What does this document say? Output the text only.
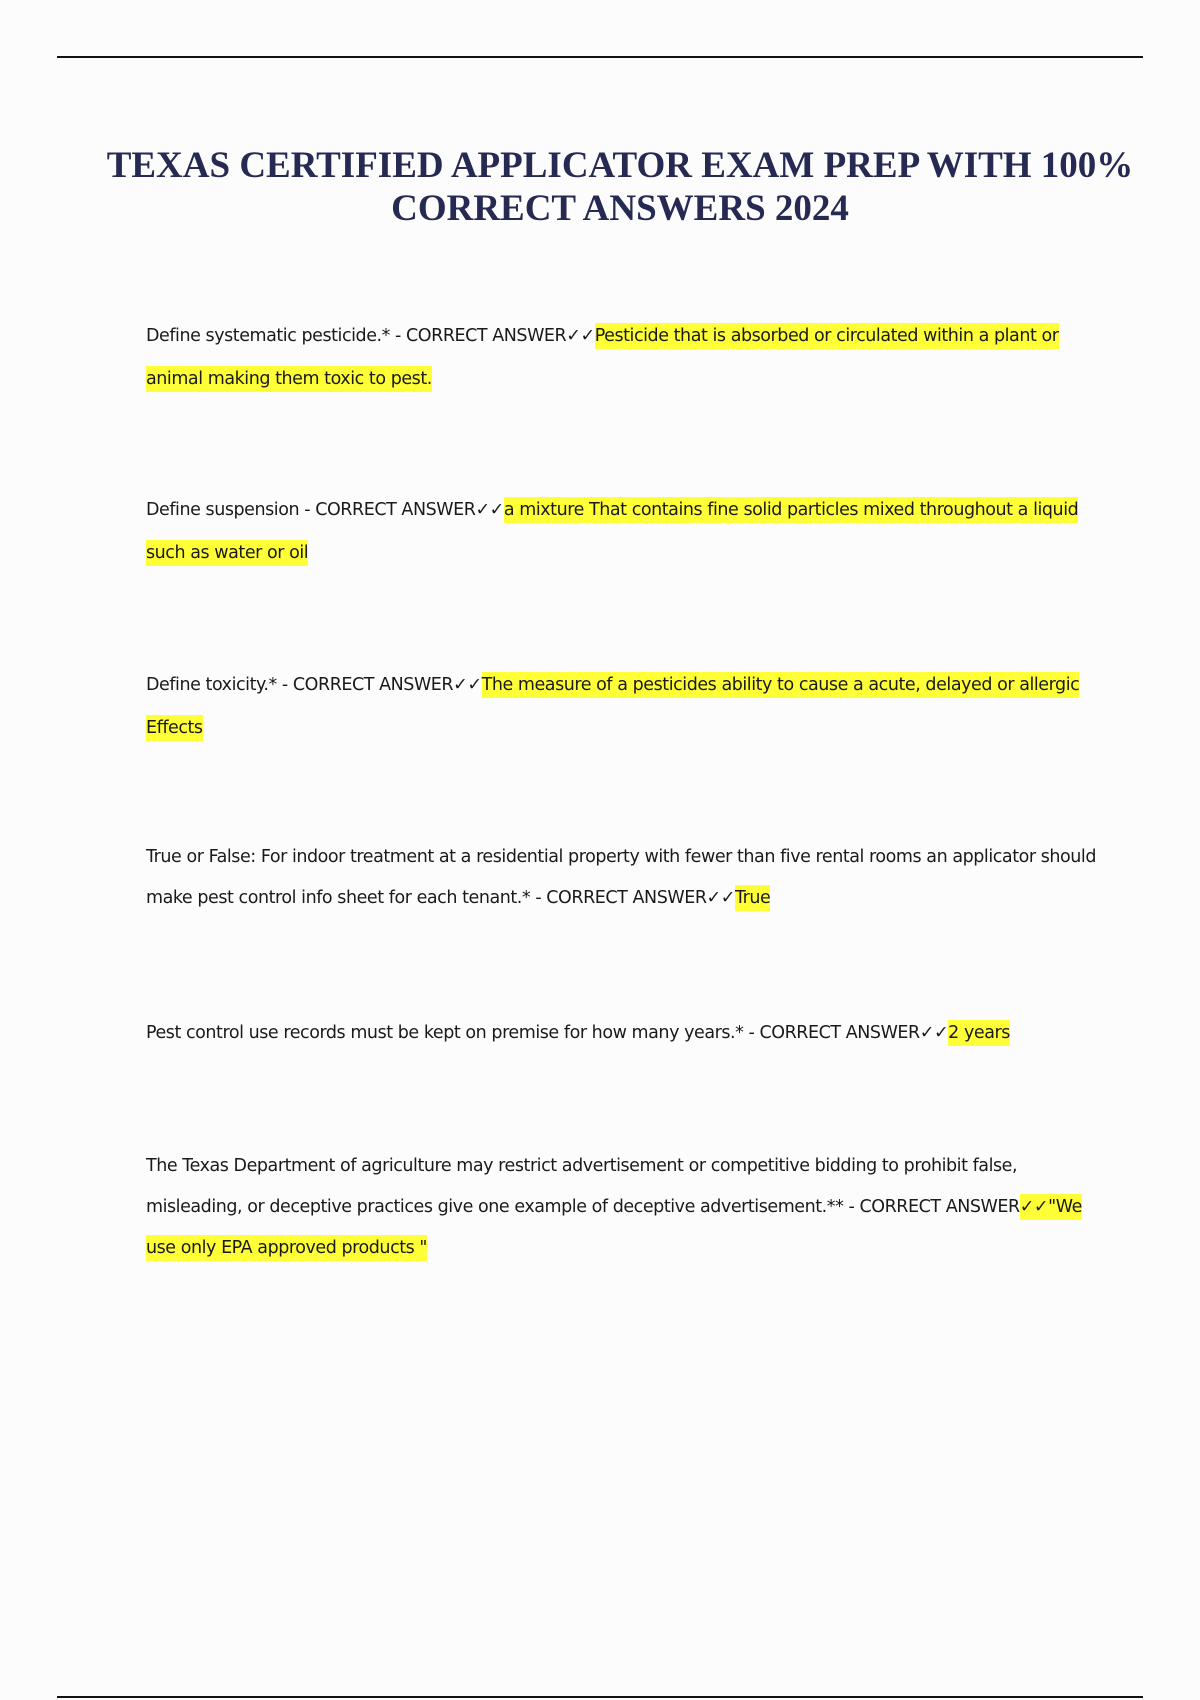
TEXAS CERTIFIED APPLICATOR EXAM PREP WITH 100% CORRECT ANSWERS 2024

Define systematic pesticide.* - CORRECT ANSWER✓✓Pesticide that is absorbed or circulated within a plant or animal making them toxic to pest.

Define suspension - CORRECT ANSWER✓✓a mixture That contains fine solid particles mixed throughout a liquid such as water or oil

Define toxicity.* - CORRECT ANSWER✓✓The measure of a pesticides ability to cause a acute, delayed or allergic Effects

True or False: For indoor treatment at a residential property with fewer than five rental rooms an applicator should make pest control info sheet for each tenant.* - CORRECT ANSWER✓✓True

Pest control use records must be kept on premise for how many years.* - CORRECT ANSWER✓✓2 years

The Texas Department of agriculture may restrict advertisement or competitive bidding to prohibit false, misleading, or deceptive practices give one example of deceptive advertisement.** - CORRECT ANSWER✓✓"We use only EPA approved products "
